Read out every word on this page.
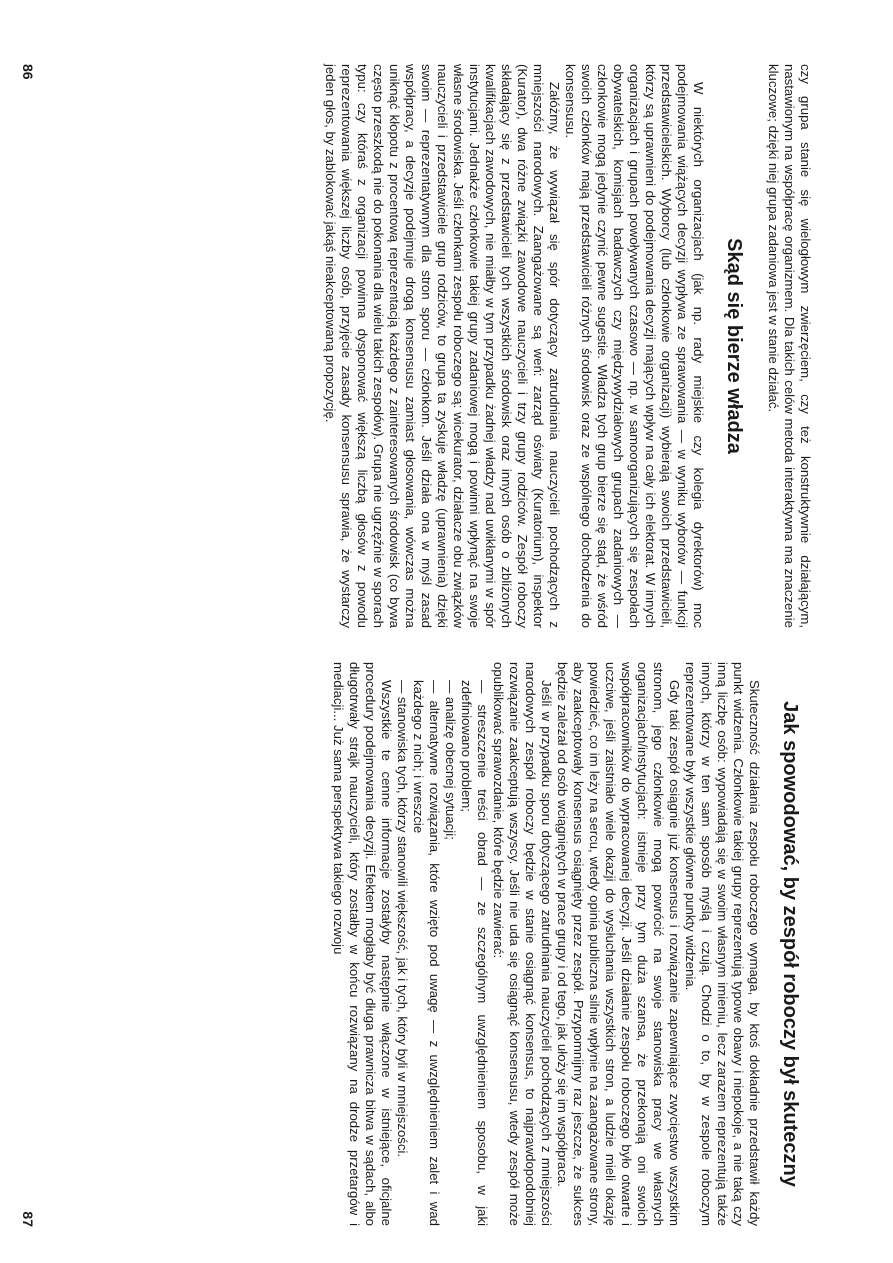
czy grupa stanie się wielogłowym zwierzęciem, czy też konstruktywnie działającym, nastawionym na współpracę organizmem. Dla takich celów metoda interaktywna ma znaczenie kluczowe; dzięki niej grupa zadaniowa jest w stanie działać.

Skąd się bierze władza

W niektórych organizacjach (jak np. rady miejskie czy kolegia dyrektorów) moc podejmowania wiążących decyzji wypływa ze sprawowania — w wyniku wyborów — funkcji przedstawicielskich. Wyborcy (lub członkowie organizacji) wybierają swoich przedstawicieli, którzy są uprawnieni do podejmowania decyzji mających wpływ na cały ich elektorat. W innych organizacjach i grupach powoływanych czasowo — np. w samoorganizujących się zespołach obywatelskich, komisjach badawczych czy międzywydziałowych grupach zadaniowych — członkowie mogą jedynie czynić pewne sugestie. Władza tych grup bierze się stąd, że wśród swoich członków mają przedstawicieli różnych środowisk oraz ze wspólnego dochodzenia do konsensusu.

Załóżmy, że wywiązał się spór dotyczący zatrudniania nauczycieli pochodzących z mniejszości narodowych. Zaangażowane są weń: zarząd oświaty (Kuratorium), inspektor (Kurator), dwa różne związki zawodowe nauczycieli i trzy grupy rodziców. Zespół roboczy składający się z przedstawicieli tych wszystkich środowisk oraz innych osób o zbliżonych kwalifikacjach zawodowych, nie miałby w tym przypadku żadnej władzy nad uwikłanymi w spór instytucjami. Jednakże członkowie takiej grupy zadaniowej mogą i powinni wpłynąć na swoje własne środowiska. Jeśli członkami zespołu roboczego są: wicekurator, działacze obu związków nauczycieli i przedstawiciele grup rodziców, to grupa ta zyskuje władzę (uprawnienia) dzięki swoim — reprezentatywnym dla stron sporu — członkom. Jeśli działa ona w myśl zasad współpracy, a decyzje podejmuje drogą konsensusu zamiast głosowania, wówczas można uniknąć kłopotu z procentową reprezentacją każdego z zainteresowanych środowisk (co bywa często przeszkodą nie do pokonania dla wielu takich zespołów). Grupa nie ugrzęźnie w sporach typu: czy któraś z organizacji powinna dysponować większą liczbą głosów z powodu reprezentowania większej liczby osób, przyjęcie zasady konsensusu sprawia, że wystarczy jeden głos, by zablokować jakąś nieakceptowaną propozycję.

86
Jak spowodować, by zespół roboczy był skuteczny

Skuteczność działania zespołu roboczego wymaga, by ktoś dokładnie przedstawił każdy punkt widzenia. Członkowie takiej grupy reprezentują typowe obawy i niepokoje, a nie taką czy inną liczbę osób: wypowiadają się w swoim własnym imieniu, lecz zarazem reprezentują także innych, którzy w ten sam sposób myślą i czują. Chodzi o to, by w zespole roboczym reprezentowane były wszystkie główne punkty widzenia.

Gdy taki zespół osiągnie już konsensus i rozwiązanie zapewniające zwycięstwo wszystkim stronom, jego członkowie mogą powrócić na swoje stanowiska pracy we własnych organizacjach/instytucjach: istnieje przy tym duża szansa, że przekonają oni swoich współpracowników do wypracowanej decyzji. Jeśli działanie zespołu roboczego było otwarte i uczciwe, jeśli zaistniało wiele okazji do wysłuchania wszystkich stron, a ludzie mieli okazję powiedzieć, co im leży na sercu, wtedy opinia publiczna silnie wpłynie na zaangażowane strony, aby zaakceptowały konsensus osiągnięty przez zespół. Przypomnijmy raz jeszcze, że sukces będzie zależał od osób wciągniętych w prace grupy i od tego, jak ułoży się im współpraca.

Jeśli w przypadku sporu dotyczącego zatrudniania nauczycieli pochodzących z mniejszości narodowych zespół roboczy będzie w stanie osiągnąć konsensus, to najprawdopodobniej rozwiązanie zaakceptują wszyscy. Jeśli nie uda się osiągnąć konsensusu, wtedy zespół może opublikować sprawozdanie, które będzie zawierać:

— streszczenie treści obrad — ze szczególnym uwzględnieniem sposobu, w jaki zdefiniowano problem;
— analizę obecnej sytuacji;
— alternatywne rozwiązania, które wzięto pod uwagę — z uwzględnieniem zalet i wad każdego z nich; i wreszcie
— stanowiska tych, którzy stanowili większość, jak i tych, który byli w mniejszości.

Wszystkie te cenne informacje zostałyby następnie włączone w istniejące, oficjalne procedury podejmowania decyzji. Efektem mogłaby być długa prawnicza bitwa w sądach, albo długotrwały strajk nauczycieli, który zostałby w końcu rozwiązany na drodze przetargów i mediacji... Już sama perspektywa takiego rozwoju

87
